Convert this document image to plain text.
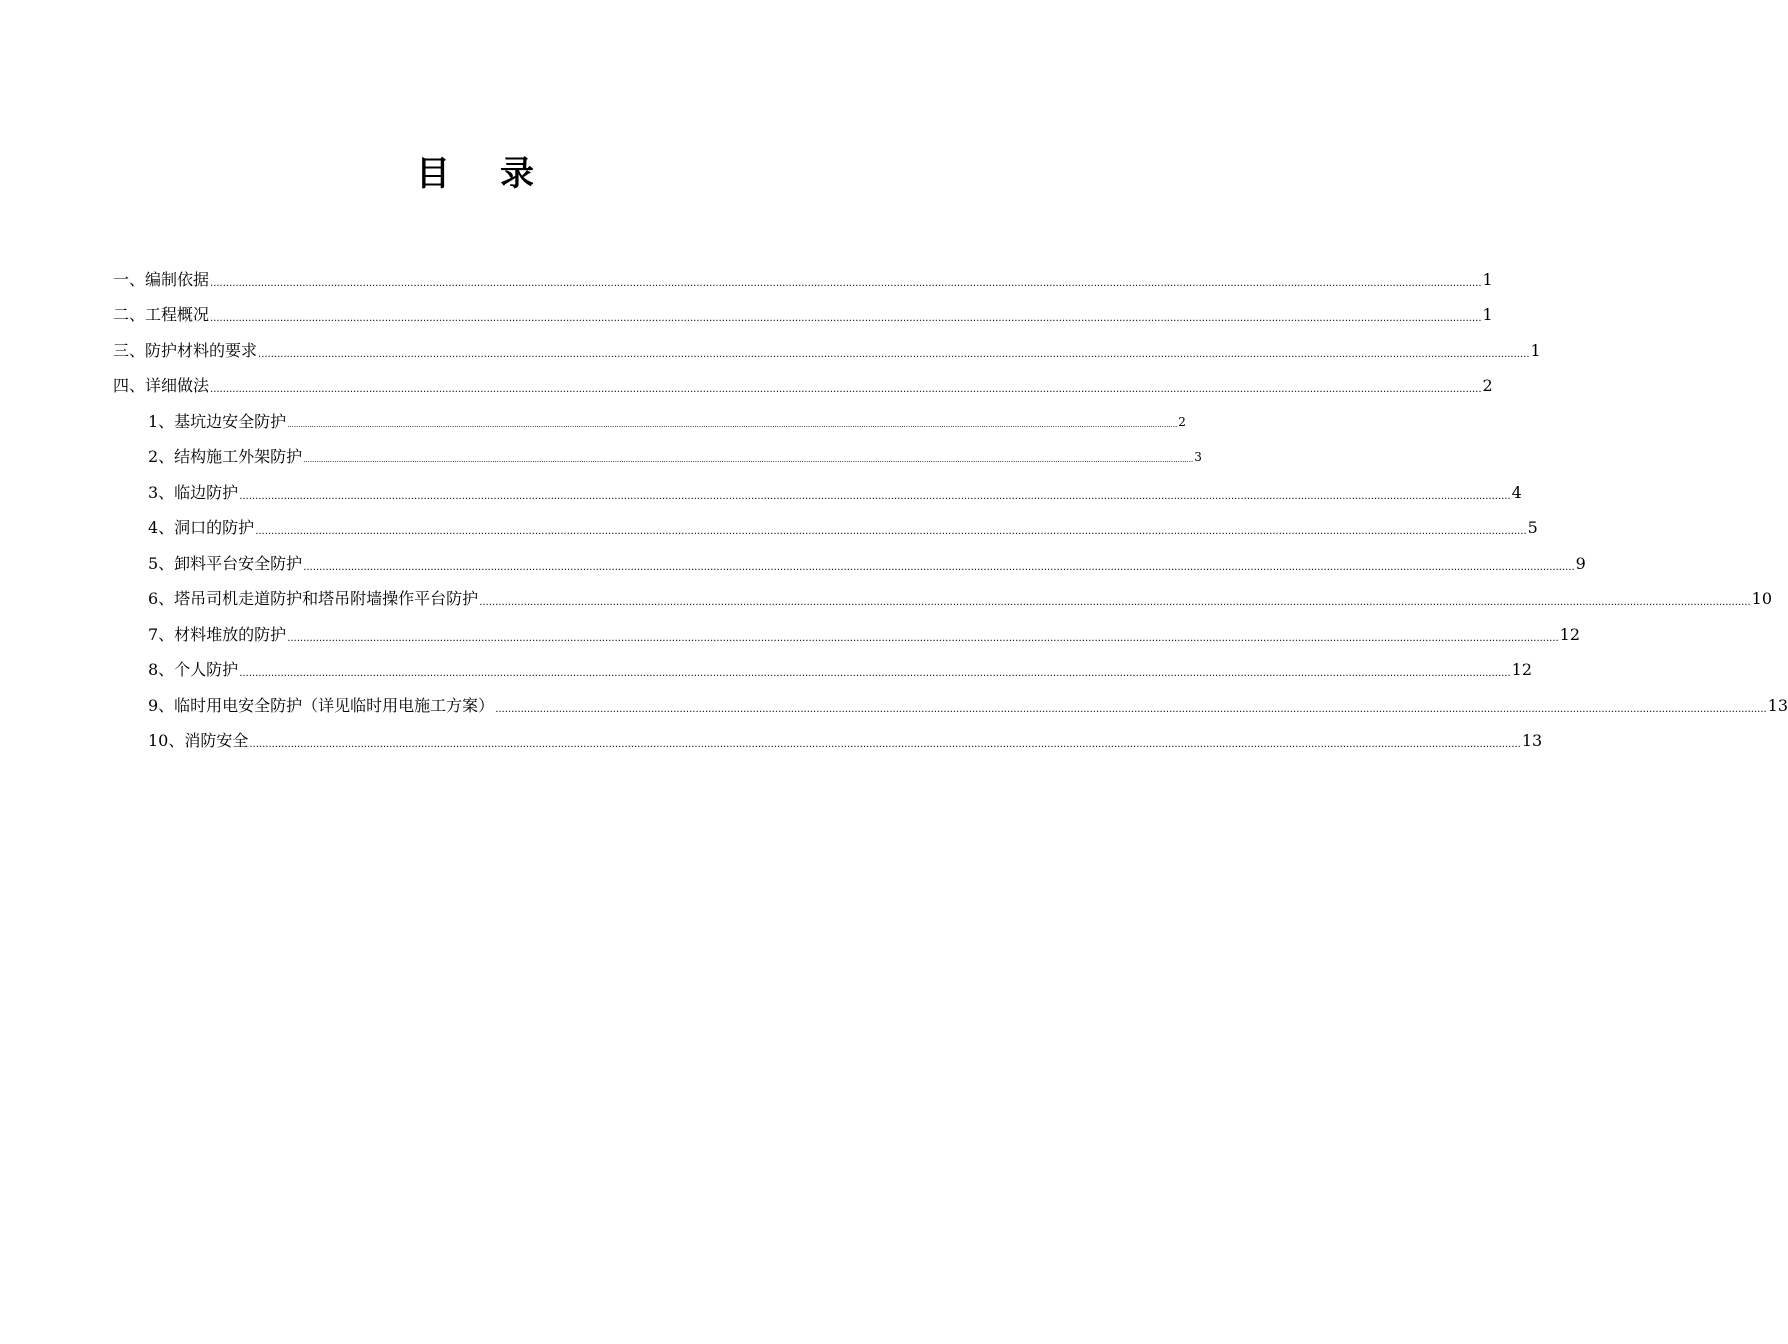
目 录
一、编制依据 ................................................................................................................................................................................................................................................................................................................................................................................................................ 1
二、工程概况 ................................................................................................................................................................................................................................................................................................................................................................................................................ 1
三、防护材料的要求 ................................................................................................................................................................................................................................................................................................................................................................................................................ 1
四、详细做法 ................................................................................................................................................................................................................................................................................................................................................................................................................ 2
1、基坑边安全防护 ................................................................................................................................................................................................................................................................................................................................................................................................................ 2
2、结构施工外架防护 ................................................................................................................................................................................................................................................................................................................................................................................................................ 3
3、临边防护 ................................................................................................................................................................................................................................................................................................................................................................................................................ 4
4、洞口的防护 ................................................................................................................................................................................................................................................................................................................................................................................................................ 5
5、卸料平台安全防护 ................................................................................................................................................................................................................................................................................................................................................................................................................ 9
6、塔吊司机走道防护和塔吊附墙操作平台防护 ................................................................................................................................................................................................................................................................................................................................................................................................................ 10
7、材料堆放的防护 ................................................................................................................................................................................................................................................................................................................................................................................................................ 12
8、个人防护 ................................................................................................................................................................................................................................................................................................................................................................................................................ 12
9、临时用电安全防护（详见临时用电施工方案） ................................................................................................................................................................................................................................................................................................................................................................................................................ 13
10、消防安全 ................................................................................................................................................................................................................................................................................................................................................................................................................ 13
